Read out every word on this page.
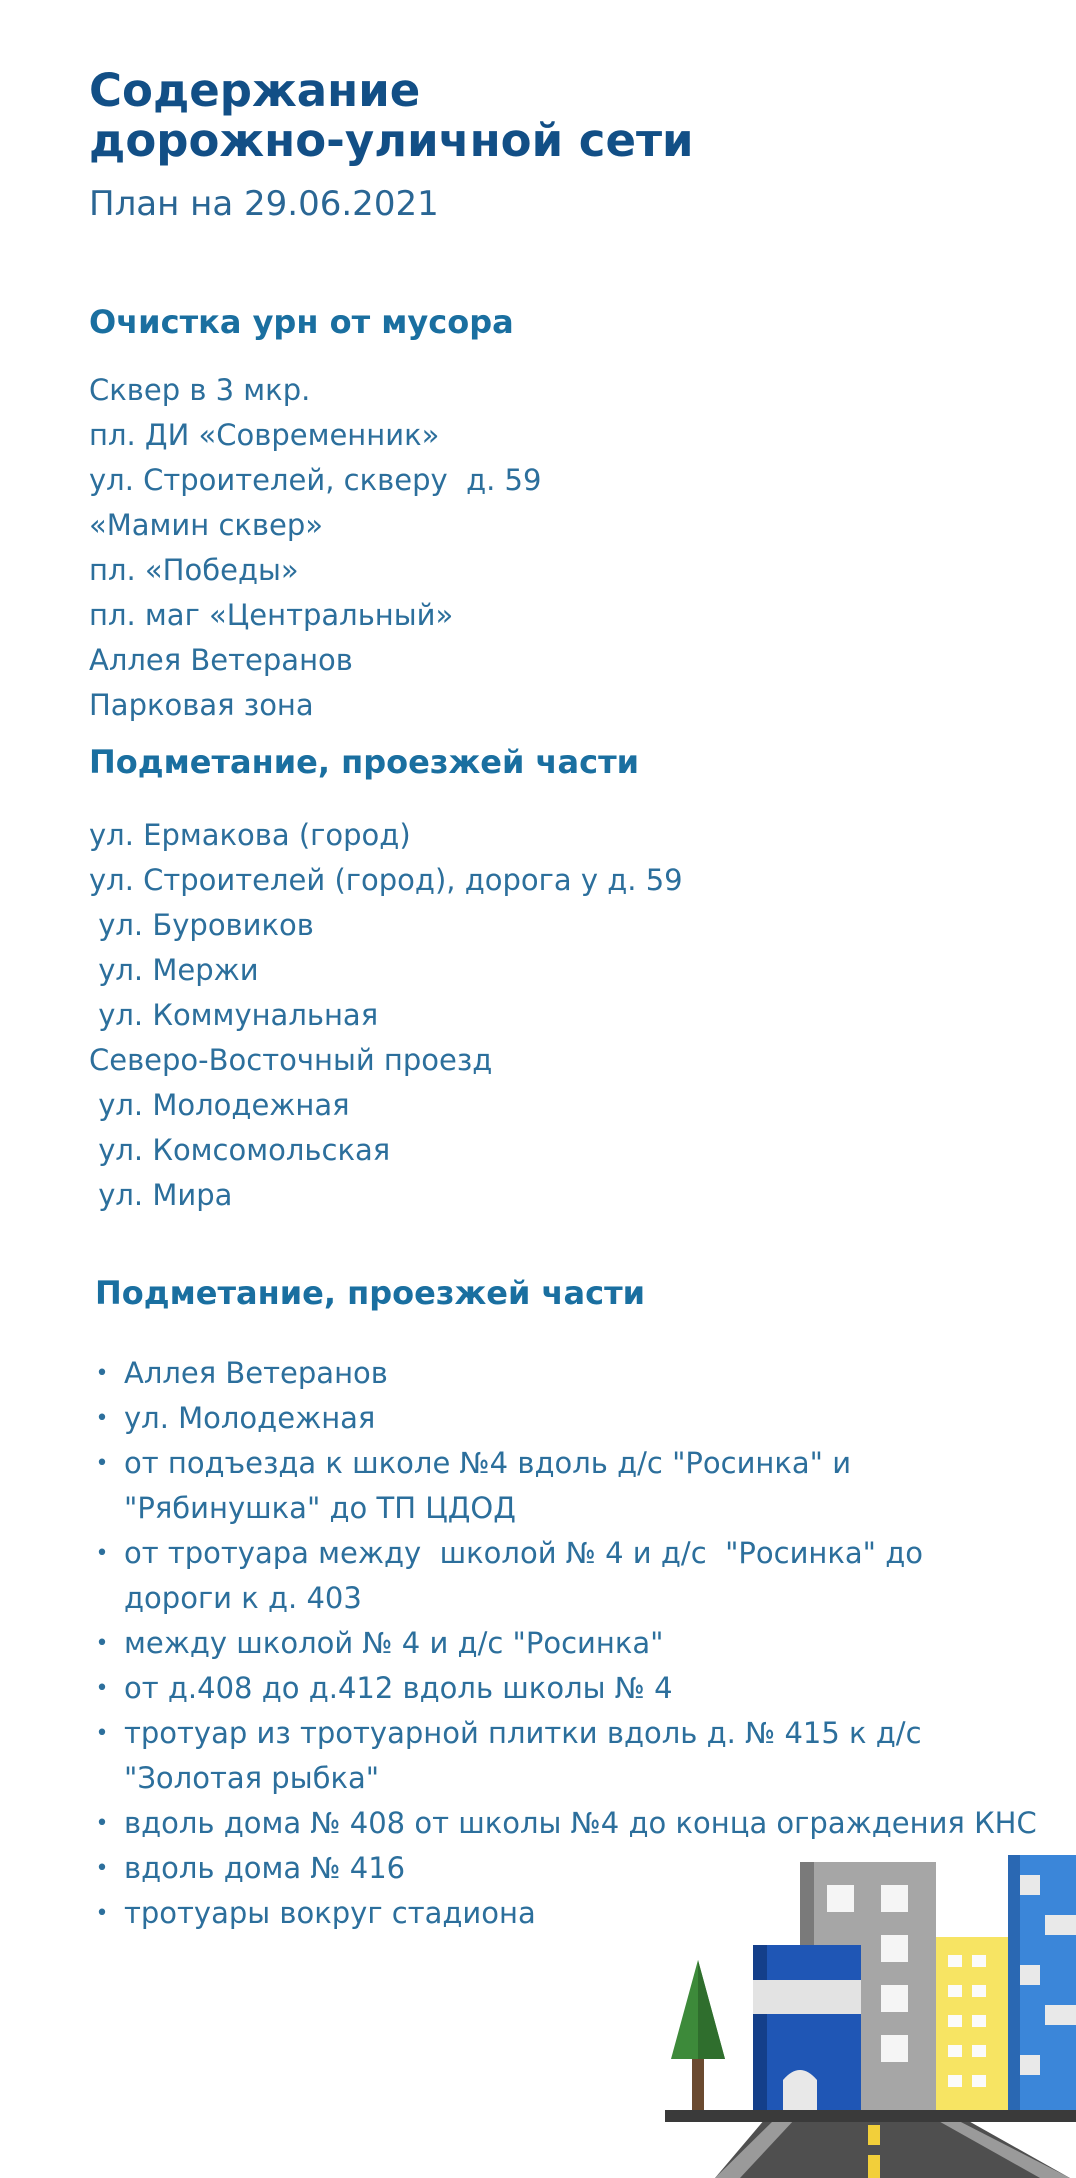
Содержание
дорожно-уличной сети
План на 29.06.2021
Очистка урн от мусора
Сквер в 3 мкр.
пл. ДИ «Современник»
ул. Строителей, скверу  д. 59
«Мамин сквер»
пл. «Победы»
пл. маг «Центральный»
Аллея Ветеранов
Парковая зона
Подметание, проезжей части
ул. Ермакова (город)
ул. Строителей (город), дорога у д. 59
ул. Буровиков
ул. Мержи
ул. Коммунальная
Северо-Восточный проезд
ул. Молодежная
ул. Комсомольская
ул. Мира
Подметание, проезжей части
• Аллея Ветеранов
• ул. Молодежная
• от подъезда к школе №4 вдоль д/с "Росинка" и "Рябинушка" до ТП ЦДОД
• от тротуара между  школой № 4 и д/с  "Росинка" до дороги к д. 403
• между школой № 4 и д/с "Росинка"
• от д.408 до д.412 вдоль школы № 4
• тротуар из тротуарной плитки вдоль д. № 415 к д/с "Золотая рыбка"
• вдоль дома № 408 от школы №4 до конца ограждения КНС
• вдоль дома № 416
• тротуары вокруг стадиона
